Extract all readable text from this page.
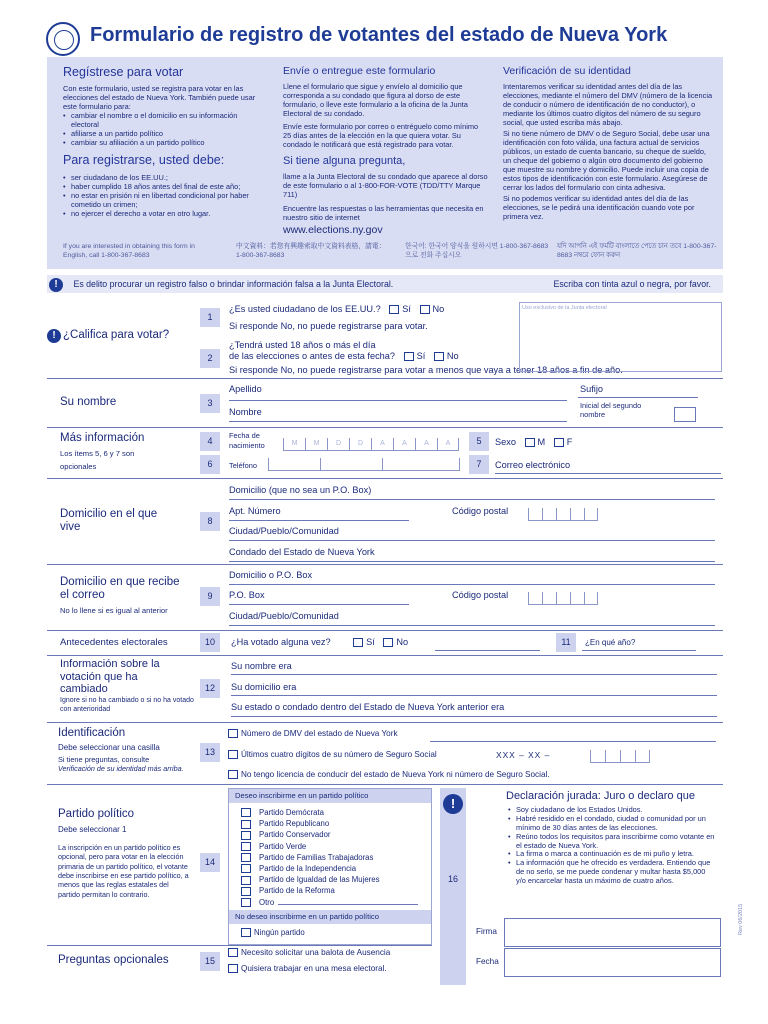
Formulario de registro de votantes del estado de Nueva York
Regístrese para votar
Con este formulario, usted se registra para votar en las elecciones del estado de Nueva York. También puede usar este formulario para:
• cambiar el nombre o el domicilio en su información electoral
• afiliarse a un partido político
• cambiar su afiliación a un partido político
Para registrarse, usted debe:
• ser ciudadano de los EE.UU.;
• haber cumplido 18 años antes del final de este año;
• no estar en prisión ni en libertad condicional por haber cometido un crimen;
• no ejercer el derecho a votar en otro lugar.
Envíe o entregue este formulario
Llene el formulario que sigue y envíelo al domicilio que corresponda a su condado que figura al dorso de este formulario, o lleve este formulario a la oficina de la Junta Electoral de su condado.
Envíe este formulario por correo o entréguelo como mínimo 25 días antes de la elección en la que quiera votar. Su condado le notificará que está registrado para votar.
Si tiene alguna pregunta,
llame a la Junta Electoral de su condado que aparece al dorso de este formulario o al 1-800-FOR-VOTE (TDD/TTY Marque 711)
Encuentre las respuestas o las herramientas que necesita en nuestro sitio de internet
www.elections.ny.gov
Verificación de su identidad
Intentaremos verificar su identidad antes del día de las elecciones, mediante el número del DMV (número de la licencia de conducir o número de identificación de no conductor), o mediante los últimos cuatro dígitos del número de su seguro social, que usted escriba más abajo.
Si no tiene número de DMV o de Seguro Social, debe usar una identificación con foto válida, una factura actual de servicios públicos, un estado de cuenta bancario, su cheque de sueldo, un cheque del gobierno o algún otro documento del gobierno que muestre su nombre y domicilio. Puede incluir una copia de estos tipos de identificación con este formulario. Asegúrese de cerrar los lados del formulario con cinta adhesiva.
Si no podemos verificar su identidad antes del día de las elecciones, se le pedirá una identificación cuando vote por primera vez.
If you are interested in obtaining this form in English, call 1-800-367-8683
中文資料：若您有興趣索取中文資料表格，請電：1-800-367-8683
한국어: 한국어 양식을 원하시면 1-800-367-8683 으로 전화 주십시오
যদি আপনি এই ফর্মটি বাংলাতে পেতে চান তবে 1-800-367-8683 নম্বরে ফোন করুন
! Es delito procurar un registro falso o brindar información falsa a la Junta Electoral.	Escriba con tinta azul o negra, por favor.
! ¿Califica para votar?
1
¿Es usted ciudadano de los EE.UU.? Sí No
Si responde No, no puede registrarse para votar.
2
¿Tendrá usted 18 años o más el día
de las elecciones o antes de esta fecha? Sí No
Si responde No, no puede registrarse para votar a menos que vaya a tener 18 años a fin de año.
Uso exclusivo de la Junta electoral
Su nombre	3
Apellido
Nombre
Sufijo
Inicial del segundo nombre
Más información
Los ítems 5, 6 y 7 son opcionales
4
Fecha de nacimiento	M	M	D	D	A	A	A	A	5	Sexo M F
6	Teléfono	7	Correo electrónico
Domicilio en el que vive
8
Domicilio (que no sea un P.O. Box)
Apt. Número	Código postal
Ciudad/Pueblo/Comunidad
Condado del Estado de Nueva York
Domicilio en que recibe el correo
No lo llene si es igual al anterior
9
Domicilio o P.O. Box
P.O. Box	Código postal
Ciudad/Pueblo/Comunidad
Antecedentes electorales	10	¿Ha votado alguna vez?	Sí No	11	¿En qué año?
Información sobre la votación que ha cambiado
Ignore si no ha cambiado o si no ha votado con anterioridad
12
Su nombre era
Su domicilio era
Su estado o condado dentro del Estado de Nueva York anterior era
Identificación
Debe seleccionar una casilla
Si tiene preguntas, consulte
Verificación de su identidad más arriba.
13
Número de DMV del estado de Nueva York
Últimos cuatro dígitos de su número de Seguro Social	XXX – XX –
No tengo licencia de conducir del estado de Nueva York ni número de Seguro Social.
Partido político
Debe seleccionar 1
La inscripción en un partido político es opcional, pero para votar en la elección primaria de un partido político, el votante debe inscribirse en ese partido político, a menos que las reglas estatales del partido permitan lo contrario.
14
Deseo inscribirme en un partido político
Partido Demócrata
Partido Republicano
Partido Conservador
Partido Verde
Partido de Familias Trabajadoras
Partido de la Independencia
Partido de Igualdad de las Mujeres
Partido de la Reforma
Otro
No deseo inscribirme en un partido político
Ningún partido
Preguntas opcionales	15
Necesito solicitar una balota de Ausencia
Quisiera trabajar en una mesa electoral.
!
16
Declaración jurada: Juro o declaro que
• Soy ciudadano de los Estados Unidos.
• Habré residido en el condado, ciudad o comunidad por un mínimo de 30 días antes de las elecciones.
• Reúno todos los requisitos para inscribirme como votante en el estado de Nueva York.
• La firma o marca a continuación es de mi puño y letra.
• La información que he ofrecido es verdadera. Entiendo que de no serlo, se me puede condenar y multar hasta $5,000 y/o encarcelar hasta un máximo de cuatro años.
Firma
Fecha
Rev 06/2015
